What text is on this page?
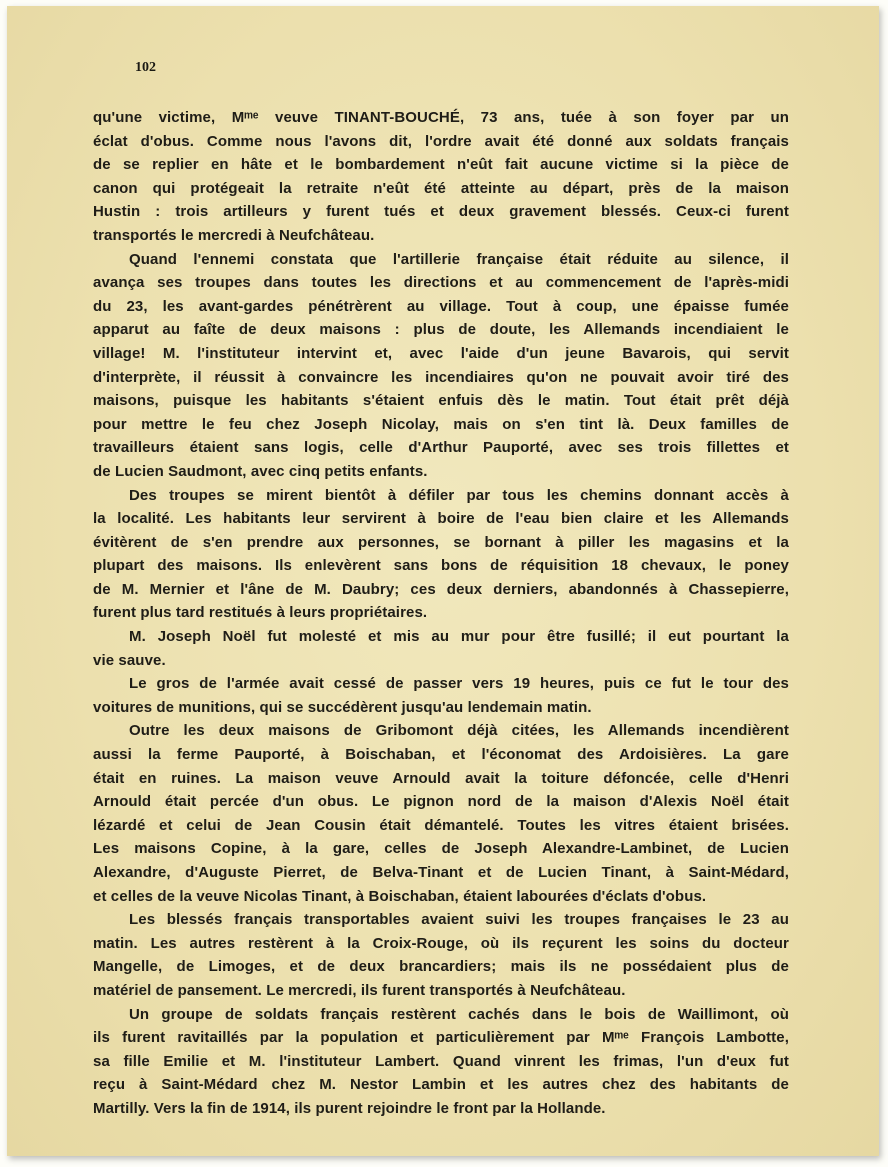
102
qu'une victime, Mᵐᵉ veuve TINANT-BOUCHÉ, 73 ans, tuée à son foyer par un
éclat d'obus. Comme nous l'avons dit, l'ordre avait été donné aux soldats français
de se replier en hâte et le bombardement n'eût fait aucune victime si la pièce de
canon qui protégeait la retraite n'eût été atteinte au départ, près de la maison
Hustin : trois artilleurs y furent tués et deux gravement blessés. Ceux-ci furent
transportés le mercredi à Neufchâteau.
Quand l'ennemi constata que l'artillerie française était réduite au silence, il
avança ses troupes dans toutes les directions et au commencement de l'après-midi
du 23, les avant-gardes pénétrèrent au village. Tout à coup, une épaisse fumée
apparut au faîte de deux maisons : plus de doute, les Allemands incendiaient le
village! M. l'instituteur intervint et, avec l'aide d'un jeune Bavarois, qui servit
d'interprète, il réussit à convaincre les incendiaires qu'on ne pouvait avoir tiré des
maisons, puisque les habitants s'étaient enfuis dès le matin. Tout était prêt déjà
pour mettre le feu chez Joseph Nicolay, mais on s'en tint là. Deux familles de
travailleurs étaient sans logis, celle d'Arthur Pauporté, avec ses trois fillettes et
de Lucien Saudmont, avec cinq petits enfants.
Des troupes se mirent bientôt à défiler par tous les chemins donnant accès à
la localité. Les habitants leur servirent à boire de l'eau bien claire et les Allemands
évitèrent de s'en prendre aux personnes, se bornant à piller les magasins et la
plupart des maisons. Ils enlevèrent sans bons de réquisition 18 chevaux, le poney
de M. Mernier et l'âne de M. Daubry; ces deux derniers, abandonnés à Chassepierre,
furent plus tard restitués à leurs propriétaires.
M. Joseph Noël fut molesté et mis au mur pour être fusillé; il eut pourtant la
vie sauve.
Le gros de l'armée avait cessé de passer vers 19 heures, puis ce fut le tour des
voitures de munitions, qui se succédèrent jusqu'au lendemain matin.
Outre les deux maisons de Gribomont déjà citées, les Allemands incendièrent
aussi la ferme Pauporté, à Boischaban, et l'économat des Ardoisières. La gare
était en ruines. La maison veuve Arnould avait la toiture défoncée, celle d'Henri
Arnould était percée d'un obus. Le pignon nord de la maison d'Alexis Noël était
lézardé et celui de Jean Cousin était démantelé. Toutes les vitres étaient brisées.
Les maisons Copine, à la gare, celles de Joseph Alexandre-Lambinet, de Lucien
Alexandre, d'Auguste Pierret, de Belva-Tinant et de Lucien Tinant, à Saint-Médard,
et celles de la veuve Nicolas Tinant, à Boischaban, étaient labourées d'éclats d'obus.
Les blessés français transportables avaient suivi les troupes françaises le 23 au
matin. Les autres restèrent à la Croix-Rouge, où ils reçurent les soins du docteur
Mangelle, de Limoges, et de deux brancardiers; mais ils ne possédaient plus de
matériel de pansement. Le mercredi, ils furent transportés à Neufchâteau.
Un groupe de soldats français restèrent cachés dans le bois de Waillimont, où
ils furent ravitaillés par la population et particulièrement par Mᵐᵉ François Lambotte,
sa fille Emilie et M. l'instituteur Lambert. Quand vinrent les frimas, l'un d'eux fut
reçu à Saint-Médard chez M. Nestor Lambin et les autres chez des habitants de
Martilly. Vers la fin de 1914, ils purent rejoindre le front par la Hollande.
